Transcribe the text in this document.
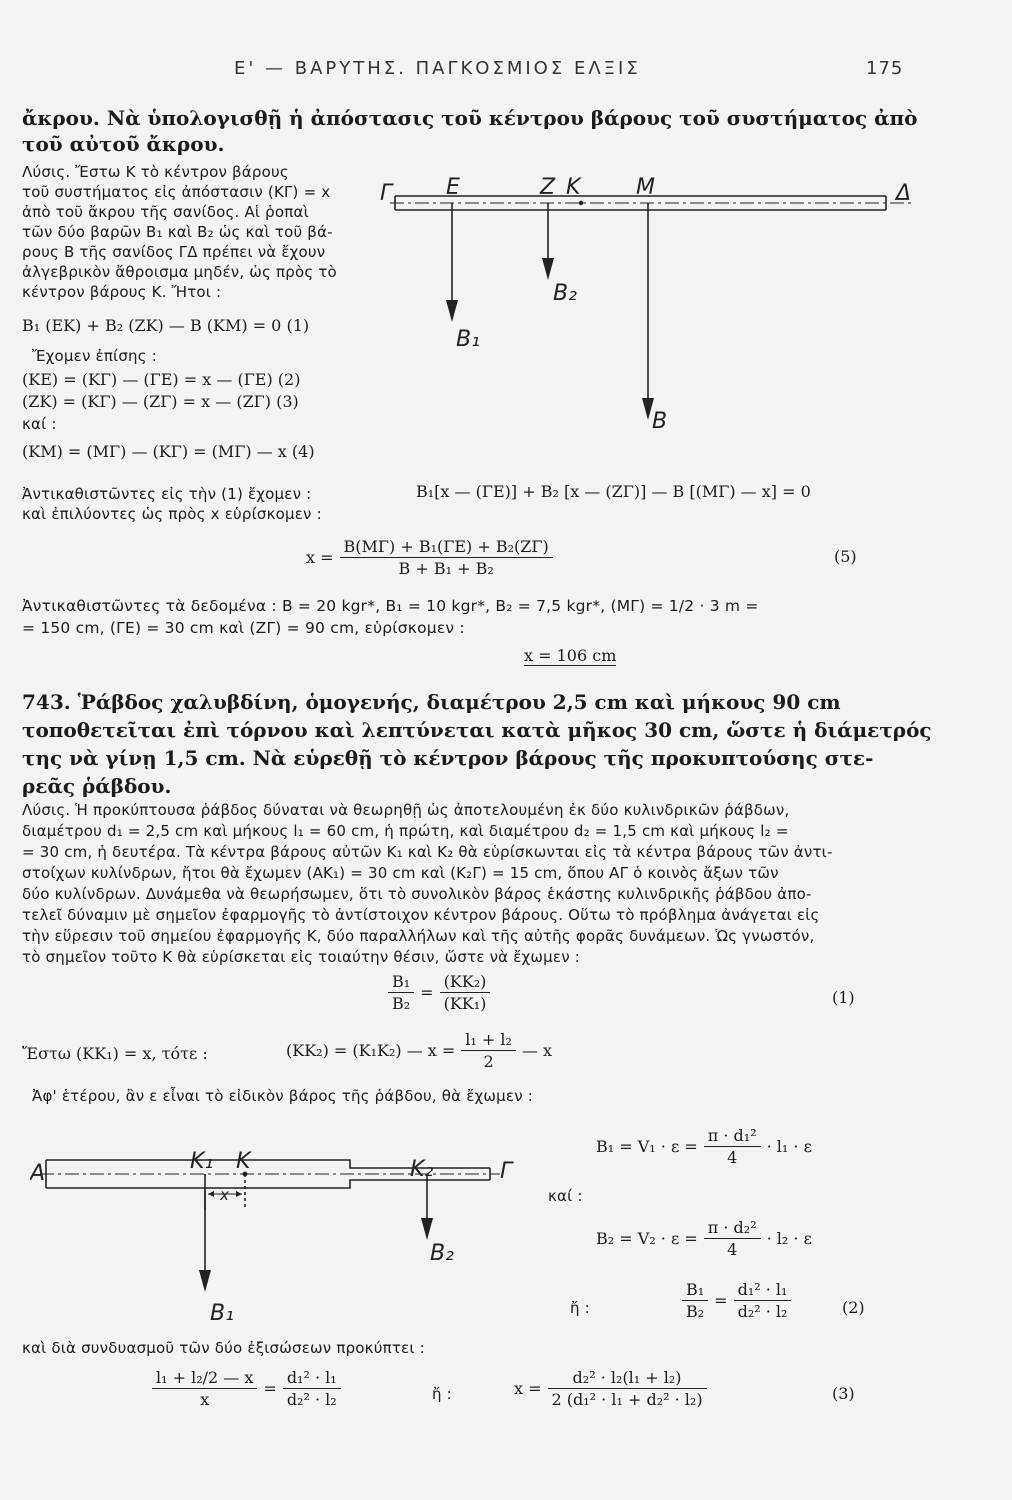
Ε' — ΒΑΡΥΤΗΣ. ΠΑΓΚΟΣΜΙΟΣ ΕΛΞΙΣ	175
ἄκρου. Νὰ ὑπολογισθῇ ἡ ἀπόστασις τοῦ κέντρου βάρους τοῦ συστήματος ἀπὸ
τοῦ αὐτοῦ ἄκρου.
Λύσις. Ἔστω Κ τὸ κέντρον βάρους
τοῦ συστήματος εἰς ἀπόστασιν (ΚΓ) = x
ἀπὸ τοῦ ἄκρου τῆς σανίδος. Αἱ ῥοπαὶ
τῶν δύο βαρῶν B₁ καὶ B₂ ὡς καὶ τοῦ βά-
ρους B τῆς σανίδος ΓΔ πρέπει νὰ ἔχουν
ἀλγεβρικὸν ἄθροισμα μηδέν, ὡς πρὸς τὸ
κέντρον βάρους Κ. Ἤτοι :
B₁ (ΕΚ) + B₂ (ΖΚ) — B (ΚΜ) = 0 (1)
Ἔχομεν ἐπίσης :
(ΚΕ) = (ΚΓ) — (ΓΕ) = x — (ΓΕ) (2)
(ΖΚ) = (ΚΓ) — (ΖΓ) = x — (ΖΓ) (3)
καί :
(ΚΜ) = (ΜΓ) — (ΚΓ) = (ΜΓ) — x (4)
Γ Ε	Ζ Κ	Μ	Δ
B₁
B₂
B
Ἀντικαθιστῶντες εἰς τὴν (1) ἔχομεν :	B₁[x — (ΓΕ)] + B₂ [x — (ΖΓ)] — B [(ΜΓ) — x] = 0
καὶ ἐπιλύοντες ὡς πρὸς x εὑρίσκομεν :
$x = \frac{\text{B(ΜΓ) + B₁(ΓΕ) + B₂(ΖΓ)}}{\text{B + B₁ + B₂}}$	(5)
Ἀντικαθιστῶντες τὰ δεδομένα : B = 20 kgr*, B₁ = 10 kgr*, B₂ = 7,5 kgr*, (ΜΓ) = 1/2 · 3 m =
= 150 cm, (ΓΕ) = 30 cm καὶ (ΖΓ) = 90 cm, εὑρίσκομεν :
x = 106 cm
743. Ῥάβδος χαλυβδίνη, ὁμογενής, διαμέτρου 2,5 cm καὶ μήκους 90 cm
τοποθετεῖται ἐπὶ τόρνου καὶ λεπτύνεται κατὰ μῆκος 30 cm, ὥστε ἡ διάμετρός
της νὰ γίνῃ 1,5 cm. Νὰ εὑρεθῇ τὸ κέντρον βάρους τῆς προκυπτούσης στε-
ρεᾶς ῥάβδου.
Λύσις. Ἡ προκύπτουσα ῥάβδος δύναται νὰ θεωρηθῇ ὡς ἀποτελουμένη ἐκ δύο κυλινδρικῶν ῥάβδων,
διαμέτρου d₁ = 2,5 cm καὶ μήκους l₁ = 60 cm, ἡ πρώτη, καὶ διαμέτρου d₂ = 1,5 cm καὶ μήκους l₂ =
= 30 cm, ἡ δευτέρα. Τὰ κέντρα βάρους αὐτῶν Κ₁ καὶ Κ₂ θὰ εὑρίσκωνται εἰς τὰ κέντρα βάρους τῶν ἀντι-
στοίχων κυλίνδρων, ἤτοι θὰ ἔχωμεν (ΑΚ₁) = 30 cm καὶ (Κ₂Γ) = 15 cm, ὅπου ΑΓ ὁ κοινὸς ἄξων τῶν
δύο κυλίνδρων. Δυνάμεθα νὰ θεωρήσωμεν, ὅτι τὸ συνολικὸν βάρος ἑκάστης κυλινδρικῆς ῥάβδου ἀπο-
τελεῖ δύναμιν μὲ σημεῖον ἐφαρμογῆς τὸ ἀντίστοιχον κέντρον βάρους. Οὕτω τὸ πρόβλημα ἀνάγεται εἰς
τὴν εὕρεσιν τοῦ σημείου ἐφαρμογῆς Κ, δύο παραλλήλων καὶ τῆς αὐτῆς φορᾶς δυνάμεων. Ὡς γνωστόν,
τὸ σημεῖον τοῦτο Κ θὰ εὑρίσκεται εἰς τοιαύτην θέσιν, ὥστε νὰ ἔχωμεν :
$\frac{\text{B₁}}{\text{B₂}} = \frac{\text{(ΚΚ₂)}}{\text{(ΚΚ₁)}}$	(1)
Ἔστω (ΚΚ₁) = x, τότε :	(ΚΚ₂) = (Κ₁Κ₂) — $x = \frac{\text{l₁ + l₂}}{2}$ — x
Ἀφ' ἑτέρου, ἂν ε εἶναι τὸ εἰδικὸν βάρος τῆς ῥάβδου, θὰ ἔχωμεν :
$B_1 = V_1 \cdot \varepsilon = \frac{\text{π · d₁²}}{4} \cdot l_1 \cdot \varepsilon$
καί :
$B_2 = V_2 \cdot \varepsilon = \frac{\text{π · d₂²}}{4} \cdot l_2 \cdot \varepsilon$
ἤ :	$\frac{\text{B₁}}{\text{B₂}} = \frac{\text{d₁² · l₁}}{\text{d₂² · l₂}}$	(2)
A	K₁ K	K₂	Γ
x
B₁
B₂
καὶ διὰ συνδυασμοῦ τῶν δύο ἐξισώσεων προκύπτει :
$\frac{\text{l₁ + l₂/2 — x}}{x} = \frac{\text{d₁² · l₁}}{\text{d₂² · l₂}}$	ἤ :	$x = \frac{\text{d₂² · l₂(l₁ + l₂)}}{\text{2 (d₁² · l₁ + d₂² · l₂)}}$	(3)
